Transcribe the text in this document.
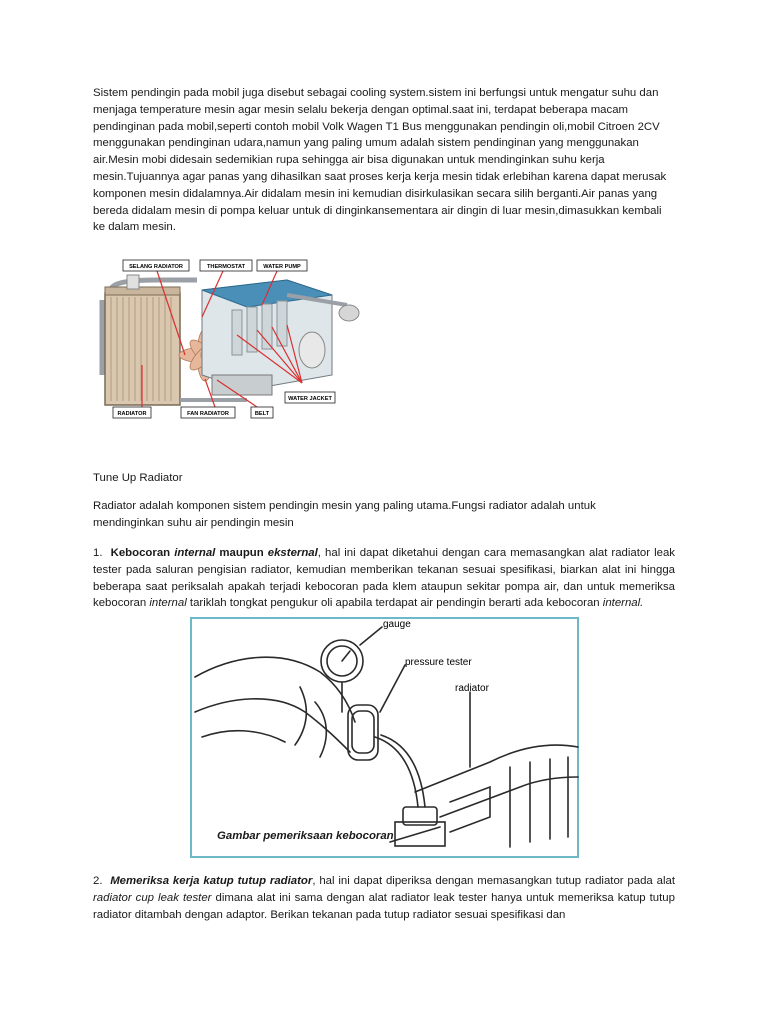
Sistem pendingin pada mobil juga disebut sebagai cooling system.sistem ini berfungsi untuk mengatur suhu dan menjaga temperature mesin agar mesin selalu bekerja dengan optimal.saat ini, terdapat beberapa macam pendinginan pada mobil,seperti contoh mobil Volk Wagen T1 Bus menggunakan pendingin oli,mobil Citroen 2CV menggunakan pendinginan udara,namun yang paling umum adalah sistem pendinginan yang menggunakan air.Mesin mobi didesain sedemikian rupa sehingga air bisa digunakan untuk mendinginkan suhu kerja mesin.Tujuannya agar panas yang dihasilkan saat proses kerja kerja mesin tidak erlebihan karena dapat merusak komponen mesin didalamnya.Air didalam mesin ini kemudian disirkulasikan secara silih berganti.Air panas yang bereda didalam mesin di pompa keluar untuk di dinginkansementara air dingin di luar mesin,dimasukkan kembali ke dalam mesin.

SELANG RADIATOR	THERMOSTAT	WATER PUMP
WATER JACKET
RADIATOR	FAN RADIATOR	BELT

Tune Up Radiator

Radiator adalah komponen sistem pendingin mesin yang paling utama.Fungsi radiator adalah untuk mendinginkan suhu air pendingin mesin

1. Kebocoran internal maupun eksternal, hal ini dapat diketahui dengan cara memasangkan alat radiator leak tester pada saluran pengisian radiator, kemudian memberikan tekanan sesuai spesifikasi, biarkan alat ini hingga beberapa saat periksalah apakah terjadi kebocoran pada klem ataupun sekitar pompa air, dan untuk memeriksa kebocoran internal tariklah tongkat pengukur oli apabila terdapat air pendingin berarti ada kebocoran internal.

gauge
pressure tester
radiator
Gambar pemeriksaan kebocoran

2. Memeriksa kerja katup tutup radiator, hal ini dapat diperiksa dengan memasangkan tutup radiator pada alat radiator cup leak tester dimana alat ini sama dengan alat radiator leak tester hanya untuk memeriksa katup tutup radiator ditambah dengan adaptor. Berikan tekanan pada tutup radiator sesuai spesifikasi dan
